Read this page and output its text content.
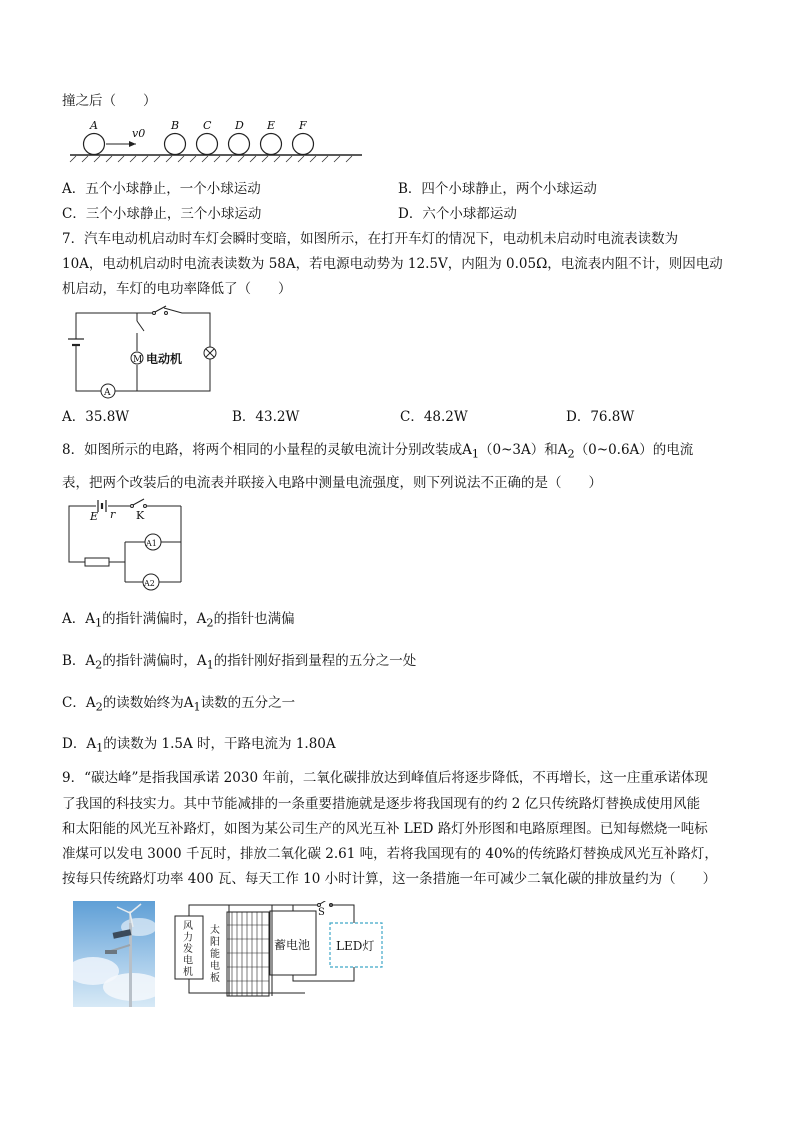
撞之后（　　）
A	B C D E F
v0
A．五个小球静止，一个小球运动	B．四个小球静止，两个小球运动
C．三个小球静止，三个小球运动	D．六个小球都运动
7．汽车电动机启动时车灯会瞬时变暗，如图所示，在打开车灯的情况下，电动机未启动时电流表读数为
10A，电动机启动时电流表读数为 58A，若电源电动势为 12.5V，内阻为 0.05Ω，电流表内阻不计，则因电动
机启动，车灯的电功率降低了（　　）
M
A
电动机
A．35.8W	B．43.2W	C．48.2W	D．76.8W
8．如图所示的电路，将两个相同的小量程的灵敏电流计分别改装成$A_1(0\sim 3A)$和$A_2(0\sim 0.6A)$的电流
表，把两个改装后的电流表并联接入电路中测量电流强度，则下列说法不正确的是（　　）
E r K
A1
A2
A．$A_1$的指针满偏时，$A_2$的指针也满偏
B．$A_2$的指针满偏时，$A_1$的指针刚好指到量程的五分之一处
C．$A_2$的读数始终为$A_1$读数的五分之一
D．$A_1$的读数为 1.5A 时，干路电流为 1.80A
9．“碳达峰”是指我国承诺 2030 年前，二氧化碳排放达到峰值后将逐步降低，不再增长，这一庄重承诺体现
了我国的科技实力。其中节能减排的一条重要措施就是逐步将我国现有的约 2 亿只传统路灯替换成使用风能
和太阳能的风光互补路灯，如图为某公司生产的风光互补 LED 路灯外形图和电路原理图。已知每燃烧一吨标
准煤可以发电 3000 千瓦时，排放二氧化碳 2.61 吨，若将我国现有的 40%的传统路灯替换成风光互补路灯，
按每只传统路灯功率 400 瓦、每天工作 10 小时计算，这一条措施一年可减少二氧化碳的排放量约为（　　）
风
力
发
电
机
太
阳
能
电
板
蓄电池 LED灯
S
